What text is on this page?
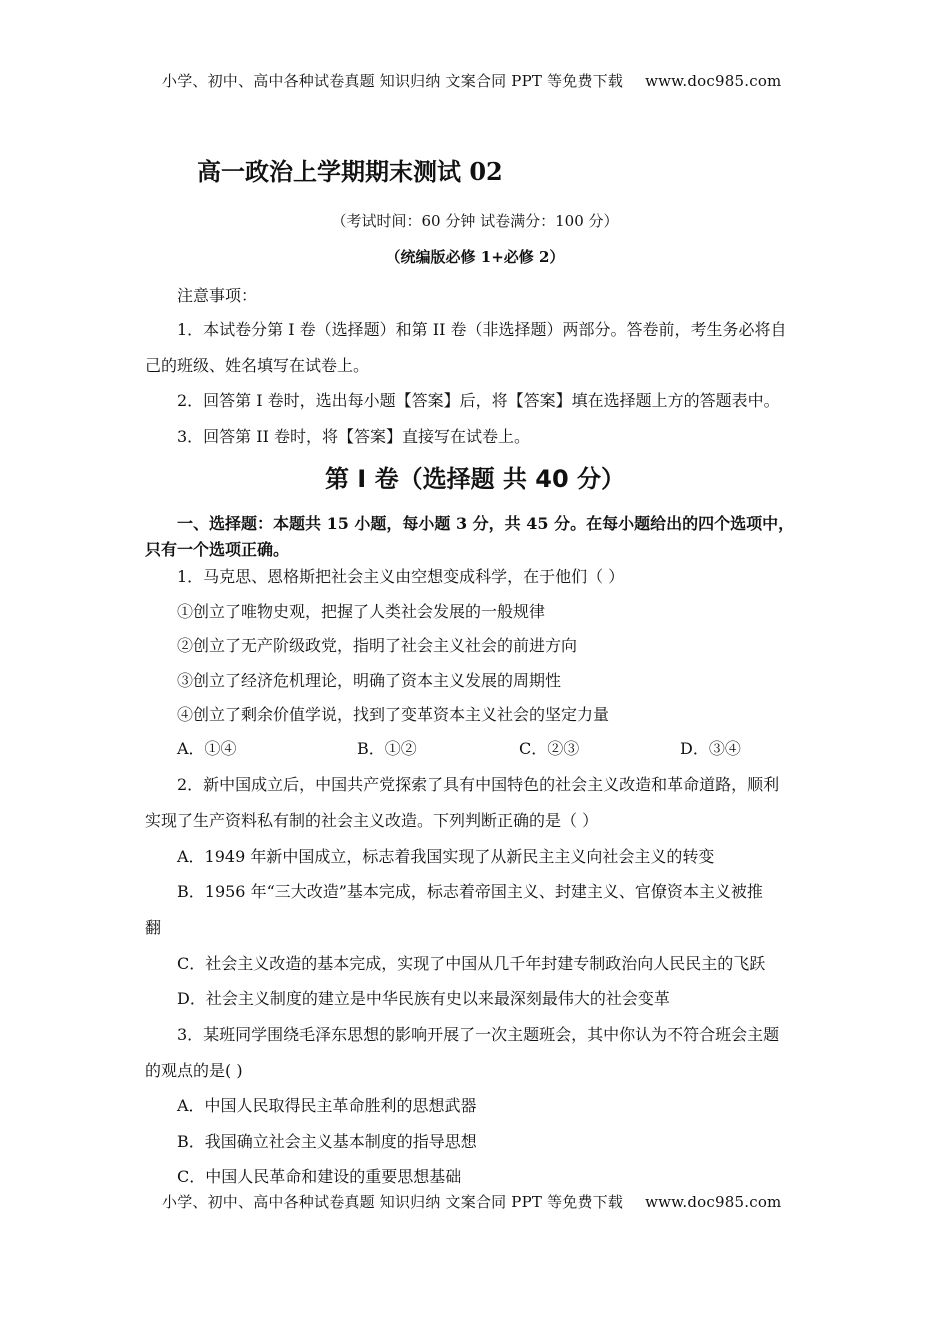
小学、初中、高中各种试卷真题 知识归纳 文案合同 PPT 等免费下载 www.doc985.com
高一政治上学期期末测试 02
（考试时间：60 分钟 试卷满分：100 分）
（统编版必修 1+必修 2）
注意事项：
1．本试卷分第 I 卷（选择题）和第 II 卷（非选择题）两部分。答卷前，考生务必将自
己的班级、姓名填写在试卷上。
2．回答第 I 卷时，选出每小题【答案】后，将【答案】填在选择题上方的答题表中。
3．回答第 II 卷时，将【答案】直接写在试卷上。
第 I 卷（选择题 共 40 分）
一、选择题：本题共 15 小题，每小题 3 分，共 45 分。在每小题给出的四个选项中，
只有一个选项正确。
1．马克思、恩格斯把社会主义由空想变成科学，在于他们（ ）
①创立了唯物史观，把握了人类社会发展的一般规律
②创立了无产阶级政党，指明了社会主义社会的前进方向
③创立了经济危机理论，明确了资本主义发展的周期性
④创立了剩余价值学说，找到了变革资本主义社会的坚定力量
A．①④	B．①②	C．②③	D．③④
2．新中国成立后，中国共产党探索了具有中国特色的社会主义改造和革命道路，顺利
实现了生产资料私有制的社会主义改造。下列判断正确的是（ ）
A．1949 年新中国成立，标志着我国实现了从新民主主义向社会主义的转变
B．1956 年“三大改造”基本完成，标志着帝国主义、封建主义、官僚资本主义被推
翻
C．社会主义改造的基本完成，实现了中国从几千年封建专制政治向人民民主的飞跃
D．社会主义制度的建立是中华民族有史以来最深刻最伟大的社会变革
3．某班同学围绕毛泽东思想的影响开展了一次主题班会，其中你认为不符合班会主题
的观点的是( )
A．中国人民取得民主革命胜利的思想武器
B．我国确立社会主义基本制度的指导思想
C．中国人民革命和建设的重要思想基础
小学、初中、高中各种试卷真题 知识归纳 文案合同 PPT 等免费下载 www.doc985.com
